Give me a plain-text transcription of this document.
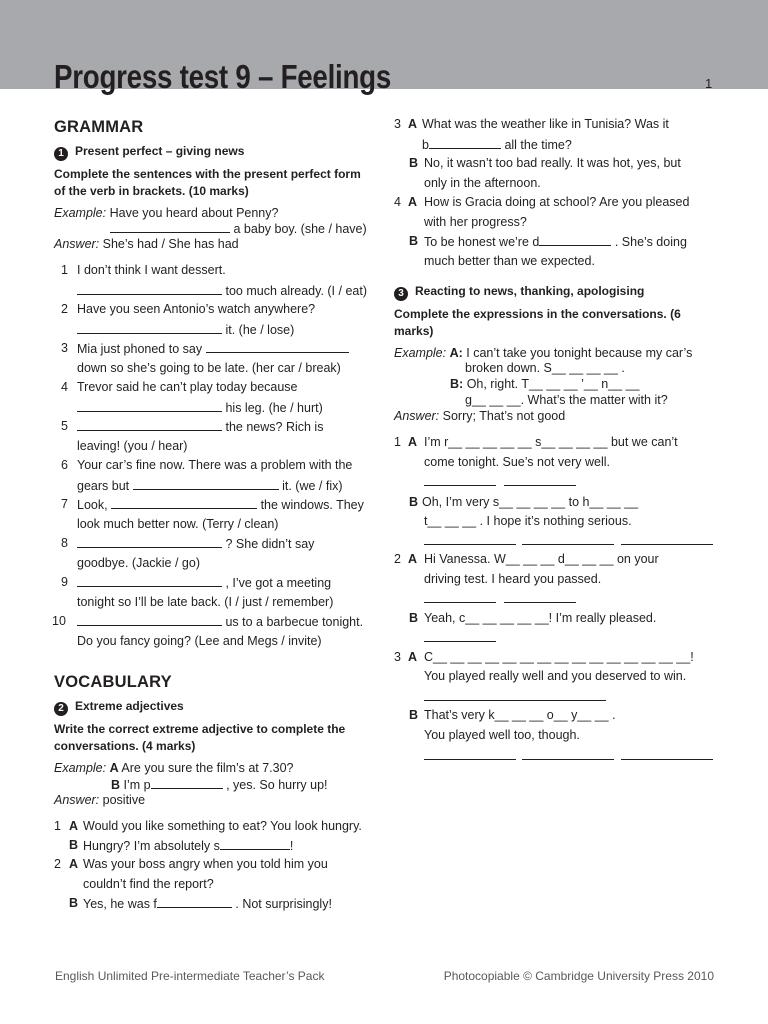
Progress test 9 – Feelings	1
GRAMMAR
1 Present perfect – giving news
Complete the sentences with the present perfect form of the verb in brackets. (10 marks)
Example: Have you heard about Penny?
a baby boy. (she / have)
Answer: She’s had / She has had
1 I don’t think I want dessert.
too much already. (I / eat)
2 Have you seen Antonio’s watch anywhere?
it. (he / lose)
3 Mia just phoned to say
down so she’s going to be late. (her car / break)
4 Trevor said he can’t play today because
his leg. (he / hurt)
5	the news? Rich is
leaving! (you / hear)
6 Your car’s fine now. There was a problem with the
gears but	it. (we / fix)
7 Look,	the windows. They
look much better now. (Terry / clean)
8	? She didn’t say
goodbye. (Jackie / go)
9	, I’ve got a meeting
tonight so I’ll be late back. (I / just / remember)
10	us to a barbecue tonight.
Do you fancy going? (Lee and Megs / invite)
VOCABULARY
2 Extreme adjectives
Write the correct extreme adjective to complete the conversations. (4 marks)
Example: A Are you sure the film’s at 7.30?
B I’m p	, yes. So hurry up!
Answer: positive
1 A Would you like something to eat? You look hungry.
B Hungry? I’m absolutely s	!
2 A Was your boss angry when you told him you
couldn’t find the report?
B Yes, he was f	. Not surprisingly!
3 A What was the weather like in Tunisia? Was it
b	all the time?
B No, it wasn’t too bad really. It was hot, yes, but
only in the afternoon.
4 A How is Gracia doing at school? Are you pleased
with her progress?
B To be honest we’re d	. She’s doing
much better than we expected.
3 Reacting to news, thanking, apologising
Complete the expressions in the conversations. (6 marks)
Example: A: I can’t take you tonight because my car’s
broken down. S__ __ __ __ .
B: Oh, right. T__ __ __ ’__ n__ __
g__ __ __. What’s the matter with it?
Answer: Sorry; That’s not good
1 A I’m r__ __ __ __ __ s__ __ __ __ but we can’t
come tonight. Sue’s not very well.
B Oh, I’m very s__ __ __ __ to h__ __ __
t__ __ __ . I hope it’s nothing serious.
2 A Hi Vanessa. W__ __ __ d__ __ __ on your
driving test. I heard you passed.
B Yeah, c__ __ __ __ __! I’m really pleased.
3 A C__ __ __ __ __ __ __ __ __ __ __ __ __ __ __!
You played really well and you deserved to win.
B That’s very k__ __ __ o__ y__ __ .
You played well too, though.
English Unlimited Pre-intermediate Teacher’s Pack	Photocopiable © Cambridge University Press 2010
